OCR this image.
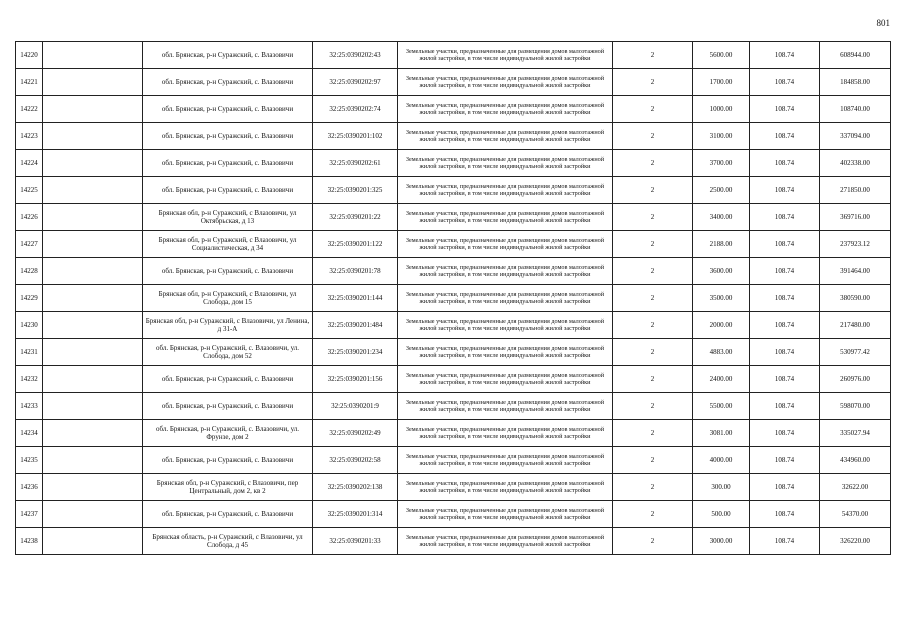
801
14220		обл. Брянская, р-н Суражский, с. Влазовичи	32:25:0390202:43	Земельные участки, предназначенные для размещения домов малоэтажной жилой застройки, в том числе индивидуальной жилой застройки	2	5600.00	108.74	608944.00
14221		обл. Брянская, р-н Суражский, с. Влазовичи	32:25:0390202:97	Земельные участки, предназначенные для размещения домов малоэтажной жилой застройки, в том числе индивидуальной жилой застройки	2	1700.00	108.74	184858.00
14222		обл. Брянская, р-н Суражский, с. Влазовичи	32:25:0390202:74	Земельные участки, предназначенные для размещения домов малоэтажной жилой застройки, в том числе индивидуальной жилой застройки	2	1000.00	108.74	108740.00
14223		обл. Брянская, р-н Суражский, с. Влазовичи	32:25:0390201:102	Земельные участки, предназначенные для размещения домов малоэтажной жилой застройки, в том числе индивидуальной жилой застройки	2	3100.00	108.74	337094.00
14224		обл. Брянская, р-н Суражский, с. Влазовичи	32:25:0390202:61	Земельные участки, предназначенные для размещения домов малоэтажной жилой застройки, в том числе индивидуальной жилой застройки	2	3700.00	108.74	402338.00
14225		обл. Брянская, р-н Суражский, с. Влазовичи	32:25:0390201:325	Земельные участки, предназначенные для размещения домов малоэтажной жилой застройки, в том числе индивидуальной жилой застройки	2	2500.00	108.74	271850.00
14226		Брянская обл, р-н Суражский, с Влазовичи, ул Октябрьская, д 13	32:25:0390201:22	Земельные участки, предназначенные для размещения домов малоэтажной жилой застройки, в том числе индивидуальной жилой застройки	2	3400.00	108.74	369716.00
14227		Брянская обл, р-н Суражский, с Влазовичи, ул Социалистическая, д 34	32:25:0390201:122	Земельные участки, предназначенные для размещения домов малоэтажной жилой застройки, в том числе индивидуальной жилой застройки	2	2188.00	108.74	237923.12
14228		обл. Брянская, р-н Суражский, с. Влазовичи	32:25:0390201:78	Земельные участки, предназначенные для размещения домов малоэтажной жилой застройки, в том числе индивидуальной жилой застройки	2	3600.00	108.74	391464.00
14229		Брянская обл, р-н Суражский, с Влазовичи, ул Слобода, дом 15	32:25:0390201:144	Земельные участки, предназначенные для размещения домов малоэтажной жилой застройки, в том числе индивидуальной жилой застройки	2	3500.00	108.74	380590.00
14230		Брянская обл, р-н Суражский, с Влазовичи, ул Ленина, д 31-А	32:25:0390201:484	Земельные участки, предназначенные для размещения домов малоэтажной жилой застройки, в том числе индивидуальной жилой застройки	2	2000.00	108.74	217480.00
14231		обл. Брянская, р-н Суражский, с. Влазовичи, ул. Слобода, дом 52	32:25:0390201:234	Земельные участки, предназначенные для размещения домов малоэтажной жилой застройки, в том числе индивидуальной жилой застройки	2	4883.00	108.74	530977.42
14232		обл. Брянская, р-н Суражский, с. Влазовичи	32:25:0390201:156	Земельные участки, предназначенные для размещения домов малоэтажной жилой застройки, в том числе индивидуальной жилой застройки	2	2400.00	108.74	260976.00
14233		обл. Брянская, р-н Суражский, с. Влазовичи	32:25:0390201:9	Земельные участки, предназначенные для размещения домов малоэтажной жилой застройки, в том числе индивидуальной жилой застройки	2	5500.00	108.74	598070.00
14234		обл. Брянская, р-н Суражский, с. Влазовичи, ул. Фрунзе, дом 2	32:25:0390202:49	Земельные участки, предназначенные для размещения домов малоэтажной жилой застройки, в том числе индивидуальной жилой застройки	2	3081.00	108.74	335027.94
14235		обл. Брянская, р-н Суражский, с. Влазовичи	32:25:0390202:58	Земельные участки, предназначенные для размещения домов малоэтажной жилой застройки, в том числе индивидуальной жилой застройки	2	4000.00	108.74	434960.00
14236		Брянская обл, р-н Суражский, с Влазовичи, пер Центральный, дом 2, кв 2	32:25:0390202:138	Земельные участки, предназначенные для размещения домов малоэтажной жилой застройки, в том числе индивидуальной жилой застройки	2	300.00	108.74	32622.00
14237		обл. Брянская, р-н Суражский, с. Влазовичи	32:25:0390201:314	Земельные участки, предназначенные для размещения домов малоэтажной жилой застройки, в том числе индивидуальной жилой застройки	2	500.00	108.74	54370.00
14238		Брянская область, р-н Суражский, с Влазовичи, ул Слобода, д 45	32:25:0390201:33	Земельные участки, предназначенные для размещения домов малоэтажной жилой застройки, в том числе индивидуальной жилой застройки	2	3000.00	108.74	326220.00
